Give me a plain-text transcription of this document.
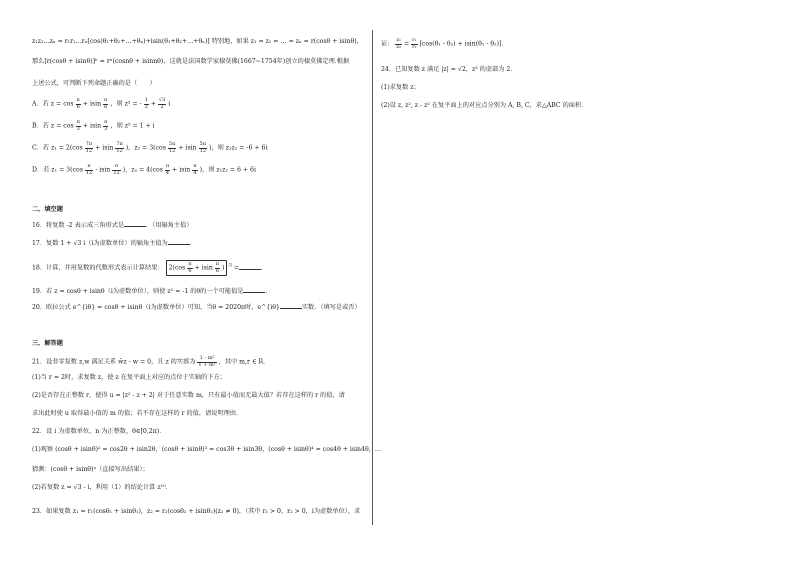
z₁z₂…zₙ = r₁r₂…rₙ[cos(θ₁+θ₂+…+θₙ)+isin(θ₁+θ₂+…+θₙ)] 特别地，如果 z₁ = z₂ = … = zₙ = r(cosθ + isinθ)，
那么[r(cosθ + isinθ)]ⁿ = rⁿ(cosnθ + isinnθ)，这就是法国数学家棣莫佛(1667~1754年)创立的棣莫佛定理.根据
上述公式，可判断下列命题正确的是（　　）
A．若 $z = \cos \frac{\pi}{6} + isin \frac{\pi}{6}$ ，则 z³ = - $\frac{1}{2} + \frac{√3}{2}$ i
B．若 $z = \cos \frac{\pi}{3} + isin \frac{\pi}{3}$ ，则 z⁵ = 1 + i
C．若 $z_1 = 2(\cos \frac{7\pi}{12} + isin \frac{7\pi}{12}$ )，$z_2 = 3(\cos \frac{5\pi}{12} + isin \frac{5\pi}{12}$ )，则 z₁z₂ = -6 + 6i
D．若 $z_1 = 3(\cos \frac{\pi}{12} - isin \frac{\pi}{12}$ )，$z_2 = 4(\cos \frac{\pi}{4} + isin \frac{\pi}{4}$ )，则 z₁z₂ = 6 + 6i
二、填空题
16．将复数 -2 表示成三角形式是	．（用辐角主值）
17．复数 1 + √3 i（i为虚数单位）的辐角主值为	．
18．计算，并用复数的代数形式表示计算结果： $2(\cos \frac{\pi}{6} + isin \frac{\pi}{6}$ ) $^{-3}$ =	．
19．若 z = cosθ + isinθ（i为虚数单位），则使 z² = -1 的θ的一个可能值是	．
20．欧拉公式 e^{iθ} = cosθ + isinθ（i为虚数单位）可知，当θ = 2020π时，e^{iθ}	实数．（填写是或否）
三、解答题
21．设非零复数 z,w 满足关系 w̄z - w = 0，且 z 的实部为 $\frac{\text{1 - m²}}{\text{1 + m²}}$ ，其中 m,r ∈ R．
(1)当 r = 2时，求复数 z，使 z 在复平面上对应的点位于实轴的下方；
(2)是否存在正整数 r，使得 u = |z² - z + 2| 对于任意实数 m，只有最小值而无最大值？若存在这样的 r 的值，请
求出此时使 u 取得最小值的 m 的值；若不存在这样的 r 的值，请说明理由．
22．设 i 为虚数单位，n 为正整数，θ∈[0,2π)．
(1)观察 (cosθ + isinθ)² = cos2θ + isin2θ，(cosθ + isinθ)³ = cos3θ + isin3θ，(cosθ + isinθ)⁴ = cos4θ + isin4θ，…
猜测：(cosθ + isinθ)ⁿ（直接写出结果）；
(2)若复数 z = √3 - i，利用（1）的结论计算 z¹⁰．
23．如果复数 z₁ = r₁(cosθ₁ + isinθ₁)，z₂ = r₂(cosθ₂ + isinθ₂)(z₂ ≠ 0)，（其中 r₁ > 0，r₂ > 0，i为虚数单位），求
证： $\frac{\text{z₁}}{\text{z₂}} = \frac{\text{r₁}}{\text{r₂}} [\cos(\theta_1 - \theta_2) + isin(\theta_1 - \theta_2)]$．
24．已知复数 z 满足 |z| = √2，z² 的虚部为 2．
(1)求复数 z；
(2)设 z, z², z - z² 在复平面上的对应点分别为 A, B, C，求△ABC 的面积．
